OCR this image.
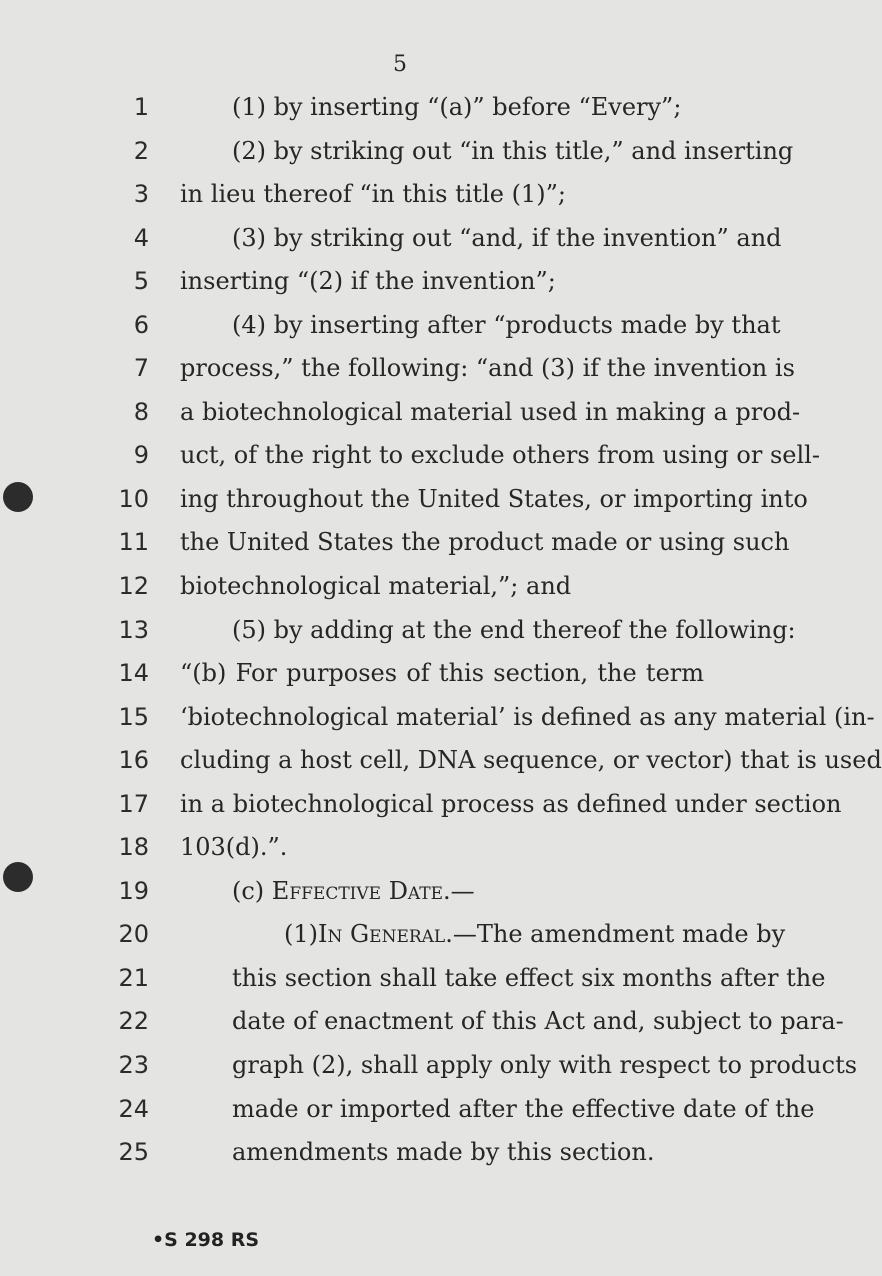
5
1
2
3
4
5
6
7
8
9
10
11
12
13
14
15
16
17
18
19
20
21
22
23
24
25
(1) by inserting “(a)” before “Every”;
(2) by striking out “in this title,” and inserting
in lieu thereof “in this title (1)”;
(3) by striking out “and, if the invention” and
inserting “(2) if the invention”;
(4) by inserting after “products made by that
process,” the following: “and (3) if the invention is
a biotechnological material used in making a prod-
uct, of the right to exclude others from using or sell-
ing throughout the United States, or importing into
the United States the product made or using such
biotechnological material,”; and
(5) by adding at the end thereof the following:
“(b) For purposes of this section, the term
‘biotechnological material’ is defined as any material (in-
cluding a host cell, DNA sequence, or vector) that is used
in a biotechnological process as defined under section
103(d).”.
(c) Effective Date.—
(1) In General. —The amendment made by
this section shall take effect six months after the
date of enactment of this Act and, subject to para-
graph (2), shall apply only with respect to products
made or imported after the effective date of the
amendments made by this section.
•S 298 RS
